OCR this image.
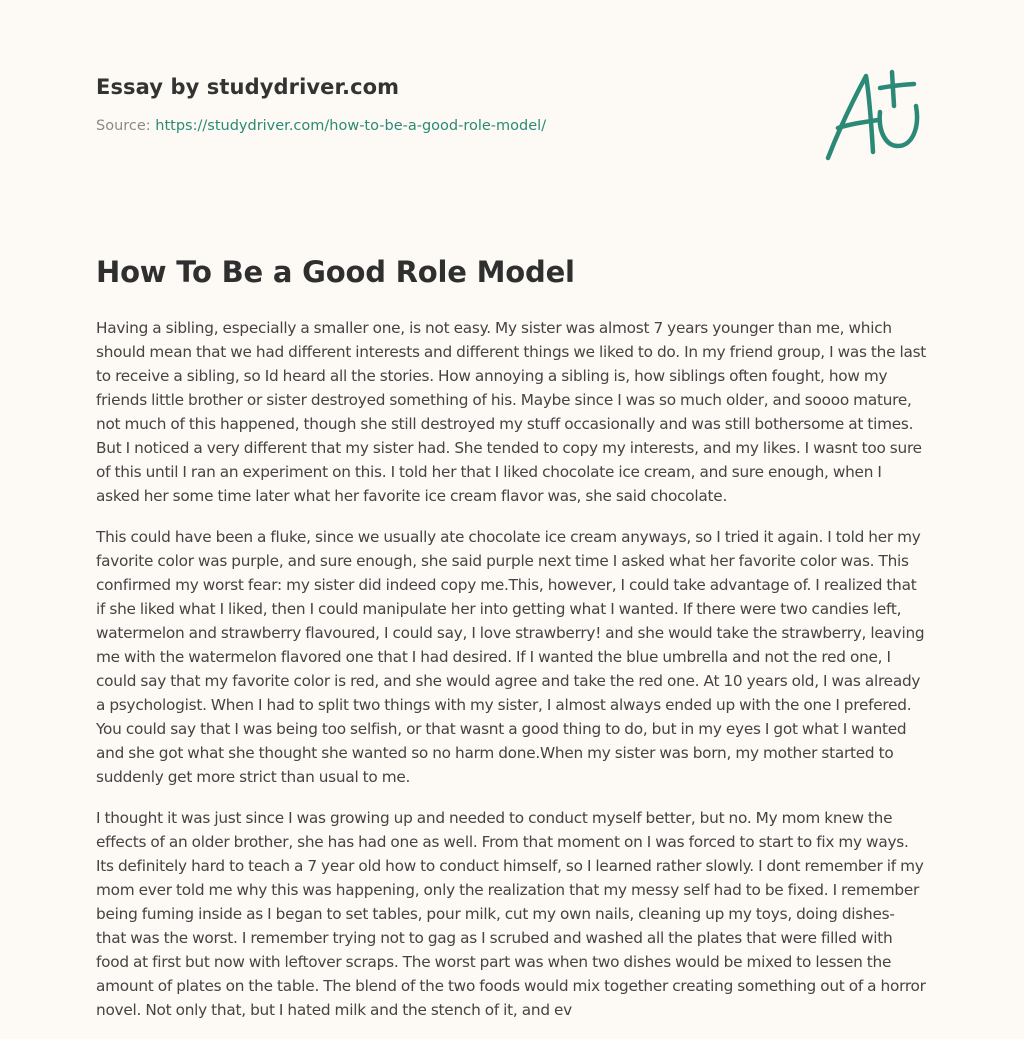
Essay by studydriver.com
Source: https://studydriver.com/how-to-be-a-good-role-model/
How To Be a Good Role Model

Having a sibling, especially a smaller one, is not easy. My sister was almost 7 years younger than me, which should mean that we had different interests and different things we liked to do. In my friend group, I was the last to receive a sibling, so Id heard all the stories. How annoying a sibling is, how siblings often fought, how my friends little brother or sister destroyed something of his. Maybe since I was so much older, and soooo mature, not much of this happened, though she still destroyed my stuff occasionally and was still bothersome at times. But I noticed a very different that my sister had. She tended to copy my interests, and my likes. I wasnt too sure of this until I ran an experiment on this. I told her that I liked chocolate ice cream, and sure enough, when I asked her some time later what her favorite ice cream flavor was, she said chocolate.

This could have been a fluke, since we usually ate chocolate ice cream anyways, so I tried it again. I told her my favorite color was purple, and sure enough, she said purple next time I asked what her favorite color was. This confirmed my worst fear: my sister did indeed copy me.This, however, I could take advantage of. I realized that if she liked what I liked, then I could manipulate her into getting what I wanted. If there were two candies left, watermelon and strawberry flavoured, I could say, I love strawberry! and she would take the strawberry, leaving me with the watermelon flavored one that I had desired. If I wanted the blue umbrella and not the red one, I could say that my favorite color is red, and she would agree and take the red one. At 10 years old, I was already a psychologist. When I had to split two things with my sister, I almost always ended up with the one I prefered. You could say that I was being too selfish, or that wasnt a good thing to do, but in my eyes I got what I wanted and she got what she thought she wanted so no harm done.When my sister was born, my mother started to suddenly get more strict than usual to me.

I thought it was just since I was growing up and needed to conduct myself better, but no. My mom knew the effects of an older brother, she has had one as well. From that moment on I was forced to start to fix my ways. Its definitely hard to teach a 7 year old how to conduct himself, so I learned rather slowly. I dont remember if my mom ever told me why this was happening, only the realization that my messy self had to be fixed. I remember being fuming inside as I began to set tables, pour milk, cut my own nails, cleaning up my toys, doing dishes- that was the worst. I remember trying not to gag as I scrubed and washed all the plates that were filled with food at first but now with leftover scraps. The worst part was when two dishes would be mixed to lessen the amount of plates on the table. The blend of the two foods would mix together creating something out of a horror novel. Not only that, but I hated milk and the stench of it, and ev
